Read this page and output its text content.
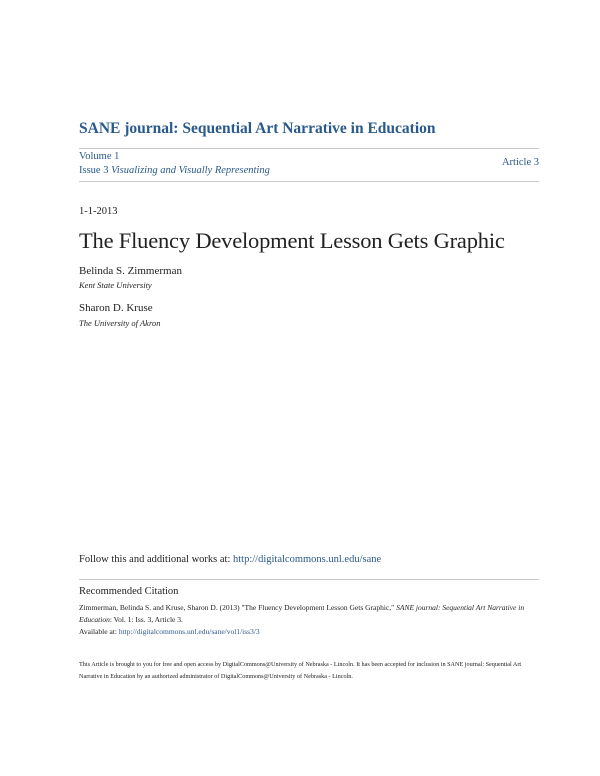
SANE journal: Sequential Art Narrative in Education
Volume 1
Issue 3 Visualizing and Visually Representing
Article 3
1-1-2013
The Fluency Development Lesson Gets Graphic
Belinda S. Zimmerman
Kent State University
Sharon D. Kruse
The University of Akron
Follow this and additional works at: http://digitalcommons.unl.edu/sane
Recommended Citation
Zimmerman, Belinda S. and Kruse, Sharon D. (2013) "The Fluency Development Lesson Gets Graphic," SANE journal: Sequential Art Narrative in Education: Vol. 1: Iss. 3, Article 3.
Available at: http://digitalcommons.unl.edu/sane/vol1/iss3/3
This Article is brought to you for free and open access by DigitalCommons@University of Nebraska - Lincoln. It has been accepted for inclusion in SANE journal: Sequential Art Narrative in Education by an authorized administrator of DigitalCommons@University of Nebraska - Lincoln.
